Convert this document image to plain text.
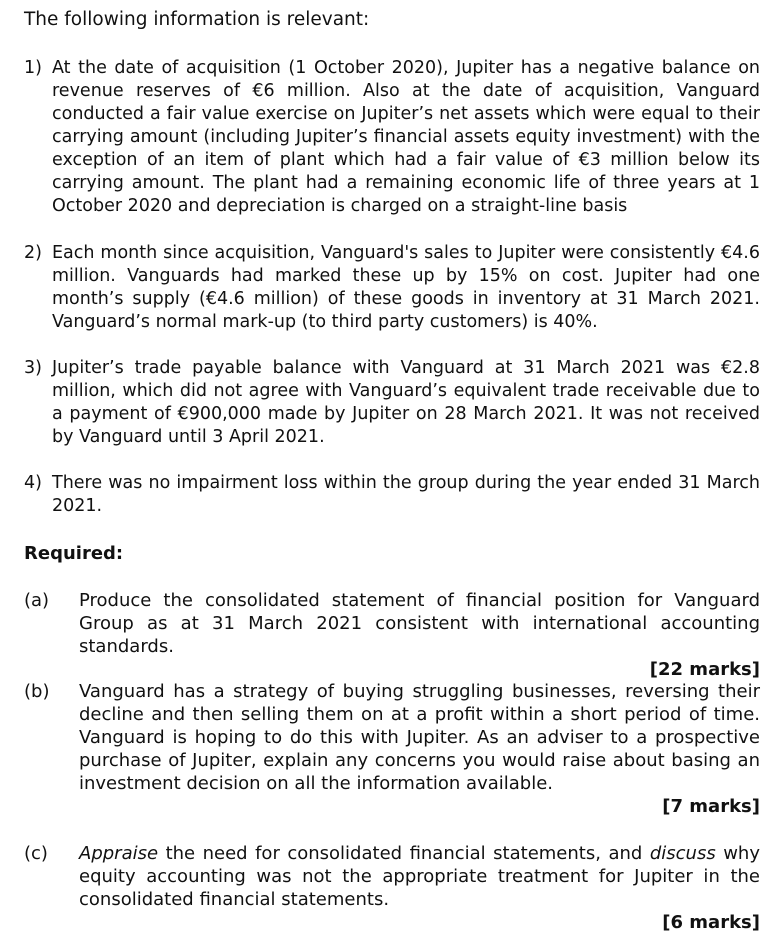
The following information is relevant:
1) At the date of acquisition (1 October 2020), Jupiter has a negative balance on revenue reserves of €6 million. Also at the date of acquisition, Vanguard conducted a fair value exercise on Jupiter’s net assets which were equal to their carrying amount (including Jupiter’s financial assets equity investment) with the exception of an item of plant which had a fair value of €3 million below its carrying amount. The plant had a remaining economic life of three years at 1 October 2020 and depreciation is charged on a straight-line basis
2) Each month since acquisition, Vanguard's sales to Jupiter were consistently €4.6 million. Vanguards had marked these up by 15% on cost. Jupiter had one month’s supply (€4.6 million) of these goods in inventory at 31 March 2021. Vanguard’s normal mark-up (to third party customers) is 40%.
3) Jupiter’s trade payable balance with Vanguard at 31 March 2021 was €2.8 million, which did not agree with Vanguard’s equivalent trade receivable due to a payment of €900,000 made by Jupiter on 28 March 2021. It was not received by Vanguard until 3 April 2021.
4) There was no impairment loss within the group during the year ended 31 March 2021.
Required:
(a) Produce the consolidated statement of financial position for Vanguard Group as at 31 March 2021 consistent with international accounting standards.
[22 marks]
(b) Vanguard has a strategy of buying struggling businesses, reversing their decline and then selling them on at a profit within a short period of time. Vanguard is hoping to do this with Jupiter. As an adviser to a prospective purchase of Jupiter, explain any concerns you would raise about basing an investment decision on all the information available.
[7 marks]
(c) Appraise the need for consolidated financial statements, and discuss why equity accounting was not the appropriate treatment for Jupiter in the consolidated financial statements.
[6 marks]
